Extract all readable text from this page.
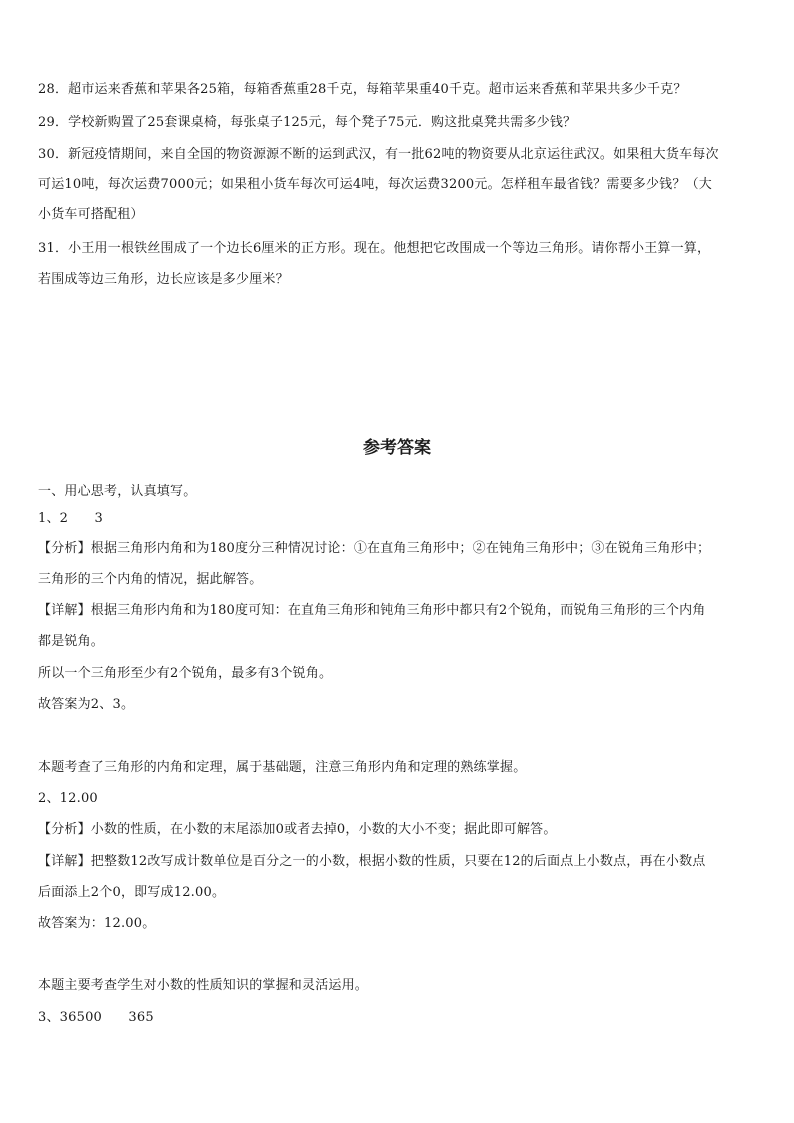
28．超市运来香蕉和苹果各25箱，每箱香蕉重28千克，每箱苹果重40千克。超市运来香蕉和苹果共多少千克？
29．学校新购置了25套课桌椅，每张桌子125元，每个凳子75元．购这批桌凳共需多少钱？
30．新冠疫情期间，来自全国的物资源源不断的运到武汉，有一批62吨的物资要从北京运往武汉。如果租大货车每次
可运10吨，每次运费7000元；如果租小货车每次可运4吨，每次运费3200元。怎样租车最省钱？需要多少钱？（大
小货车可搭配租）
31．小王用一根铁丝围成了一个边长6厘米的正方形。现在。他想把它改围成一个等边三角形。请你帮小王算一算，
若围成等边三角形，边长应该是多少厘米？
参考答案
一、用心思考，认真填写。
1、2　　3
【分析】根据三角形内角和为180度分三种情况讨论：①在直角三角形中；②在钝角三角形中；③在锐角三角形中；
三角形的三个内角的情况，据此解答。
【详解】根据三角形内角和为180度可知：在直角三角形和钝角三角形中都只有2个锐角，而锐角三角形的三个内角
都是锐角。
所以一个三角形至少有2个锐角，最多有3个锐角。
故答案为2、3。
本题考查了三角形的内角和定理，属于基础题，注意三角形内角和定理的熟练掌握。
2、12.00
【分析】小数的性质，在小数的末尾添加0或者去掉0，小数的大小不变；据此即可解答。
【详解】把整数12改写成计数单位是百分之一的小数，根据小数的性质，只要在12的后面点上小数点，再在小数点
后面添上2个0，即写成12.00。
故答案为：12.00。
本题主要考查学生对小数的性质知识的掌握和灵活运用。
3、36500　　365
